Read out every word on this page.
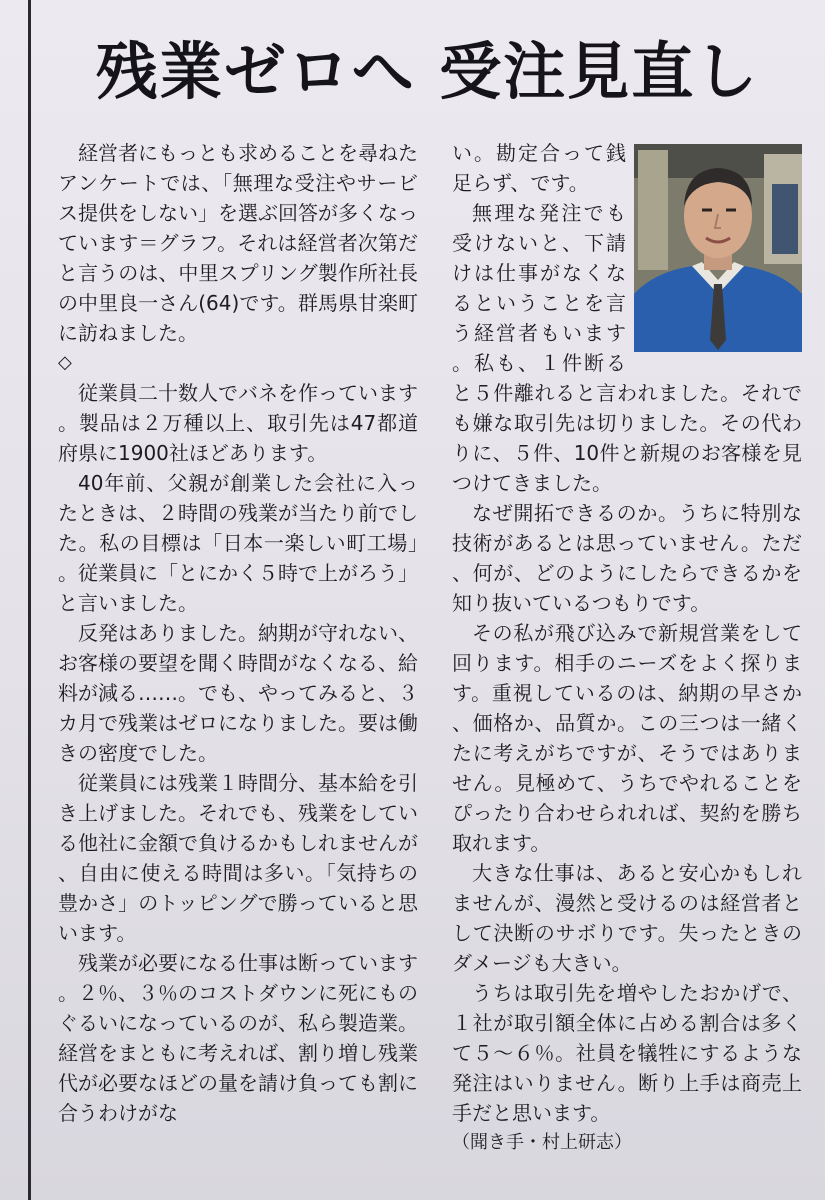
残業ゼロへ 受注見直し

経営者にもっとも求めることを尋ねたアンケートでは、「無理な受注やサービス提供をしない」を選ぶ回答が多くなっています＝グラフ。それは経営者次第だと言うのは、中里スプリング製作所社長の中里良一さん(64)です。群馬県甘楽町に訪ねました。

◇

従業員二十数人でバネを作っています。製品は２万種以上、取引先は47都道府県に1900社ほどあります。

40年前、父親が創業した会社に入ったときは、２時間の残業が当たり前でした。私の目標は「日本一楽しい町工場」。従業員に「とにかく５時で上がろう」と言いました。

反発はありました。納期が守れない、お客様の要望を聞く時間がなくなる、給料が減る……。でも、やってみると、３カ月で残業はゼロになりました。要は働きの密度でした。

従業員には残業１時間分、基本給を引き上げました。それでも、残業をしている他社に金額で負けるかもしれませんが、自由に使える時間は多い。「気持ちの豊かさ」のトッピングで勝っていると思います。

残業が必要になる仕事は断っています。２％、３％のコストダウンに死にものぐるいになっているのが、私ら製造業。経営をまともに考えれば、割り増し残業代が必要なほどの量を請け負っても割に合うわけがな

い。勘定合って銭足らず、です。

無理な発注でも受けないと、下請けは仕事がなくなるということを言う経営者もいます。私も、１件断ると５件離れると言われました。それでも嫌な取引先は切りました。その代わりに、５件、10件と新規のお客様を見つけてきました。

なぜ開拓できるのか。うちに特別な技術があるとは思っていません。ただ、何が、どのようにしたらできるかを知り抜いているつもりです。

その私が飛び込みで新規営業をして回ります。相手のニーズをよく探ります。重視しているのは、納期の早さか、価格か、品質か。この三つは一緒くたに考えがちですが、そうではありません。見極めて、うちでやれることをぴったり合わせられれば、契約を勝ち取れます。

大きな仕事は、あると安心かもしれませんが、漫然と受けるのは経営者として決断のサボりです。失ったときのダメージも大きい。

うちは取引先を増やしたおかげで、１社が取引額全体に占める割合は多くて５～６％。社員を犠牲にするような発注はいりません。断り上手は商売上手だと思います。

（聞き手・村上研志）
